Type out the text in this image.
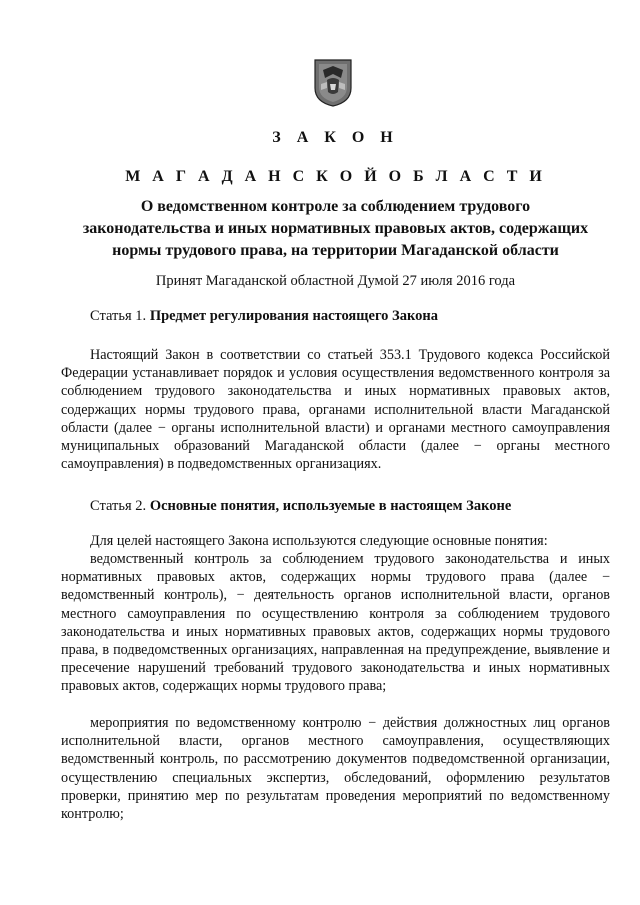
З А К О Н
М А Г А Д А Н С К О Й О Б Л А С Т И

О ведомственном контроле за соблюдением трудового
законодательства и иных нормативных правовых актов, содержащих
нормы трудового права, на территории Магаданской области

Принят Магаданской областной Думой 27 июля 2016 года

Статья 1. Предмет регулирования настоящего Закона

Настоящий Закон в соответствии со статьей 353.1 Трудового кодекса Российской Федерации устанавливает порядок и условия осуществления ведомственного контроля за соблюдением трудового законодательства и иных нормативных правовых актов, содержащих нормы трудового права, органами исполнительной власти Магаданской области (далее − органы исполнительной власти) и органами местного самоуправления муниципальных образований Магаданской области (далее − органы местного самоуправления) в подведомственных организациях.

Статья 2. Основные понятия, используемые в настоящем Законе

Для целей настоящего Закона используются следующие основные понятия:

ведомственный контроль за соблюдением трудового законодательства и иных нормативных правовых актов, содержащих нормы трудового права (далее − ведомственный контроль), − деятельность органов исполнительной власти, органов местного самоуправления по осуществлению контроля за соблюдением трудового законодательства и иных нормативных правовых актов, содержащих нормы трудового права, в подведомственных организациях, направленная на предупреждение, выявление и пресечение нарушений требований трудового законодательства и иных нормативных правовых актов, содержащих нормы трудового права;

мероприятия по ведомственному контролю − действия должностных лиц органов исполнительной власти, органов местного самоуправления, осуществляющих ведомственный контроль, по рассмотрению документов подведомственной организации, осуществлению специальных экспертиз, обследований, оформлению результатов проверки, принятию мер по результатам проведения мероприятий по ведомственному контролю;
